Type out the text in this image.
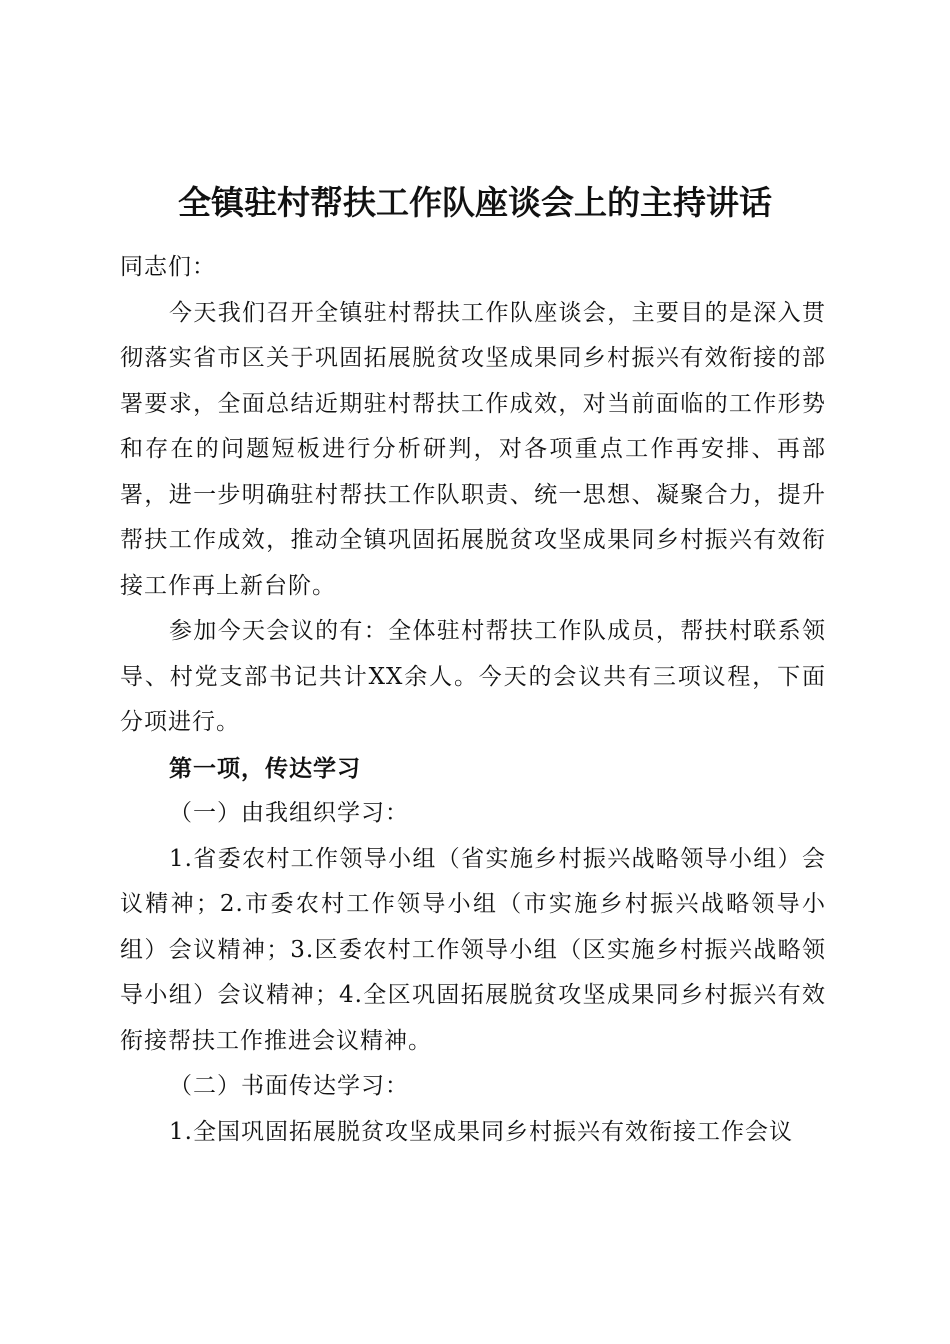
全镇驻村帮扶工作队座谈会上的主持讲话

同志们：

今天我们召开全镇驻村帮扶工作队座谈会，主要目的是深入贯彻落实省市区关于巩固拓展脱贫攻坚成果同乡村振兴有效衔接的部署要求，全面总结近期驻村帮扶工作成效，对当前面临的工作形势和存在的问题短板进行分析研判，对各项重点工作再安排、再部署，进一步明确驻村帮扶工作队职责、统一思想、凝聚合力，提升帮扶工作成效，推动全镇巩固拓展脱贫攻坚成果同乡村振兴有效衔接工作再上新台阶。

参加今天会议的有：全体驻村帮扶工作队成员，帮扶村联系领导、村党支部书记共计XX余人。今天的会议共有三项议程，下面分项进行。

第一项，传达学习

（一）由我组织学习：

1.省委农村工作领导小组（省实施乡村振兴战略领导小组）会议精神；2.市委农村工作领导小组（市实施乡村振兴战略领导小组）会议精神；3.区委农村工作领导小组（区实施乡村振兴战略领导小组）会议精神；4.全区巩固拓展脱贫攻坚成果同乡村振兴有效衔接帮扶工作推进会议精神。

（二）书面传达学习：

1.全国巩固拓展脱贫攻坚成果同乡村振兴有效衔接工作会议
